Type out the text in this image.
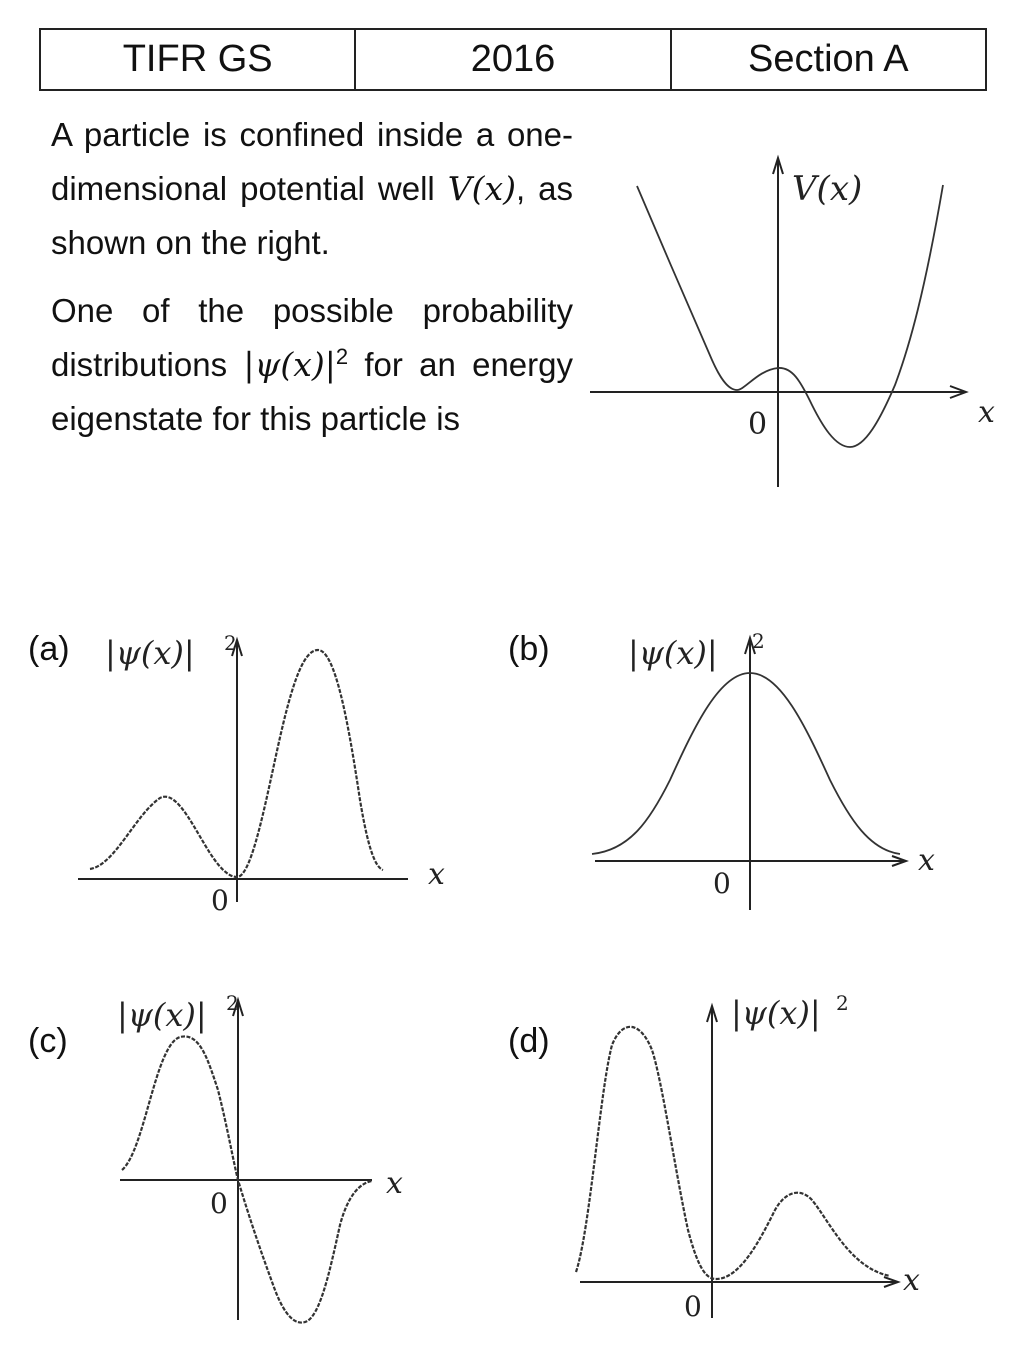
TIFR GS	2016	Section A

A particle is confined inside a one-dimensional potential well V(x), as shown on the right.

One of the possible probability distributions $|\psi(x)|^2$ for an energy eigenstate for this particle is

V(x)
x
0
(a)	(b)
(c)	(d)
|ψ(x)| 2
x
0
|ψ(x)| 2
x
0
|ψ(x)| 2
x
0
|ψ(x)| 2
x
0
